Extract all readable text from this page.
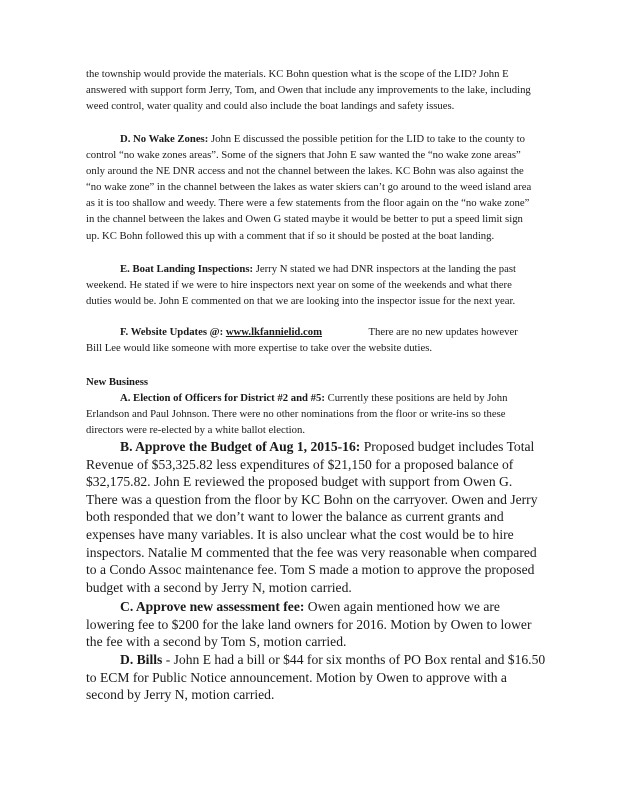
the township would provide the materials. KC Bohn question what is the scope of the LID? John E answered with support form Jerry, Tom, and Owen that include any improvements to the lake, including weed control, water quality and could also include the boat landings and safety issues.

D. No Wake Zones: John E discussed the possible petition for the LID to take to the county to control “no wake zones areas”. Some of the signers that John E saw wanted the “no wake zone areas” only around the NE DNR access and not the channel between the lakes. KC Bohn was also against the “no wake zone” in the channel between the lakes as water skiers can’t go around to the weed island area as it is too shallow and weedy. There were a few statements from the floor again on the “no wake zone” in the channel between the lakes and Owen G stated maybe it would be better to put a speed limit sign up. KC Bohn followed this up with a comment that if so it should be posted at the boat landing.

E. Boat Landing Inspections: Jerry N stated we had DNR inspectors at the landing the past weekend. He stated if we were to hire inspectors next year on some of the weekends and what there duties would be. John E commented on that we are looking into the inspector issue for the next year.

F. Website Updates @: www.lkfannielid.com	There are no new updates however Bill Lee would like someone with more expertise to take over the website duties.

New Business

A. Election of Officers for District #2 and #5: Currently these positions are held by John Erlandson and Paul Johnson. There were no other nominations from the floor or write-ins so these directors were re-elected by a white ballot election.

B. Approve the Budget of Aug 1, 2015-16: Proposed budget includes Total Revenue of $53,325.82 less expenditures of $21,150 for a proposed balance of $32,175.82. John E reviewed the proposed budget with support from Owen G. There was a question from the floor by KC Bohn on the carryover. Owen and Jerry both responded that we don’t want to lower the balance as current grants and expenses have many variables. It is also unclear what the cost would be to hire inspectors. Natalie M commented that the fee was very reasonable when compared to a Condo Assoc maintenance fee. Tom S made a motion to approve the proposed budget with a second by Jerry N, motion carried.

C. Approve new assessment fee: Owen again mentioned how we are lowering fee to $200 for the lake land owners for 2016. Motion by Owen to lower the fee with a second by Tom S, motion carried.

D. Bills - John E had a bill or $44 for six months of PO Box rental and $16.50 to ECM for Public Notice announcement. Motion by Owen to approve with a second by Jerry N, motion carried.
